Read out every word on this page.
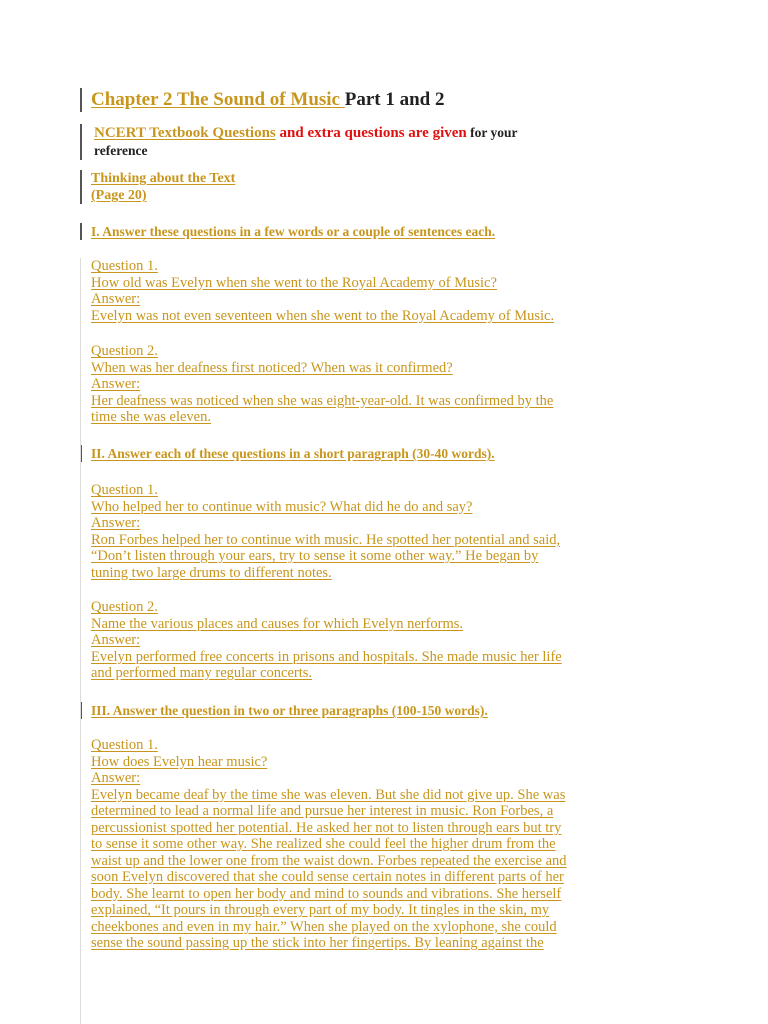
Chapter 2 The Sound of Music Part 1 and 2
NCERT Textbook Questions and extra questions are given for your
reference
Thinking about the Text
(Page 20)
I. Answer these questions in a few words or a couple of sentences each.
Question 1.
How old was Evelyn when she went to the Royal Academy of Music?
Answer:
Evelyn was not even seventeen when she went to the Royal Academy of Music.
Question 2.
When was her deafness first noticed? When was it confirmed?
Answer:
Her deafness was noticed when she was eight-year-old. It was confirmed by the
time she was eleven.
II. Answer each of these questions in a short paragraph (30-40 words).
Question 1.
Who helped her to continue with music? What did he do and say?
Answer:
Ron Forbes helped her to continue with music. He spotted her potential and said,
“Don’t listen through your ears, try to sense it some other way.” He began by
tuning two large drums to different notes.
Question 2.
Name the various places and causes for which Evelyn nerforms.
Answer:
Evelyn performed free concerts in prisons and hospitals. She made music her life
and performed many regular concerts.
III. Answer the question in two or three paragraphs (100-150 words).
Question 1.
How does Evelyn hear music?
Answer:
Evelyn became deaf by the time she was eleven. But she did not give up. She was
determined to lead a normal life and pursue her interest in music. Ron Forbes, a
percussionist spotted her potential. He asked her not to listen through ears but try
to sense it some other way. She realized she could feel the higher drum from the
waist up and the lower one from the waist down. Forbes repeated the exercise and
soon Evelyn discovered that she could sense certain notes in different parts of her
body. She learnt to open her body and mind to sounds and vibrations. She herself
explained, “It pours in through every part of my body. It tingles in the skin, my
cheekbones and even in my hair.” When she played on the xylophone, she could
sense the sound passing up the stick into her fingertips. By leaning against the
